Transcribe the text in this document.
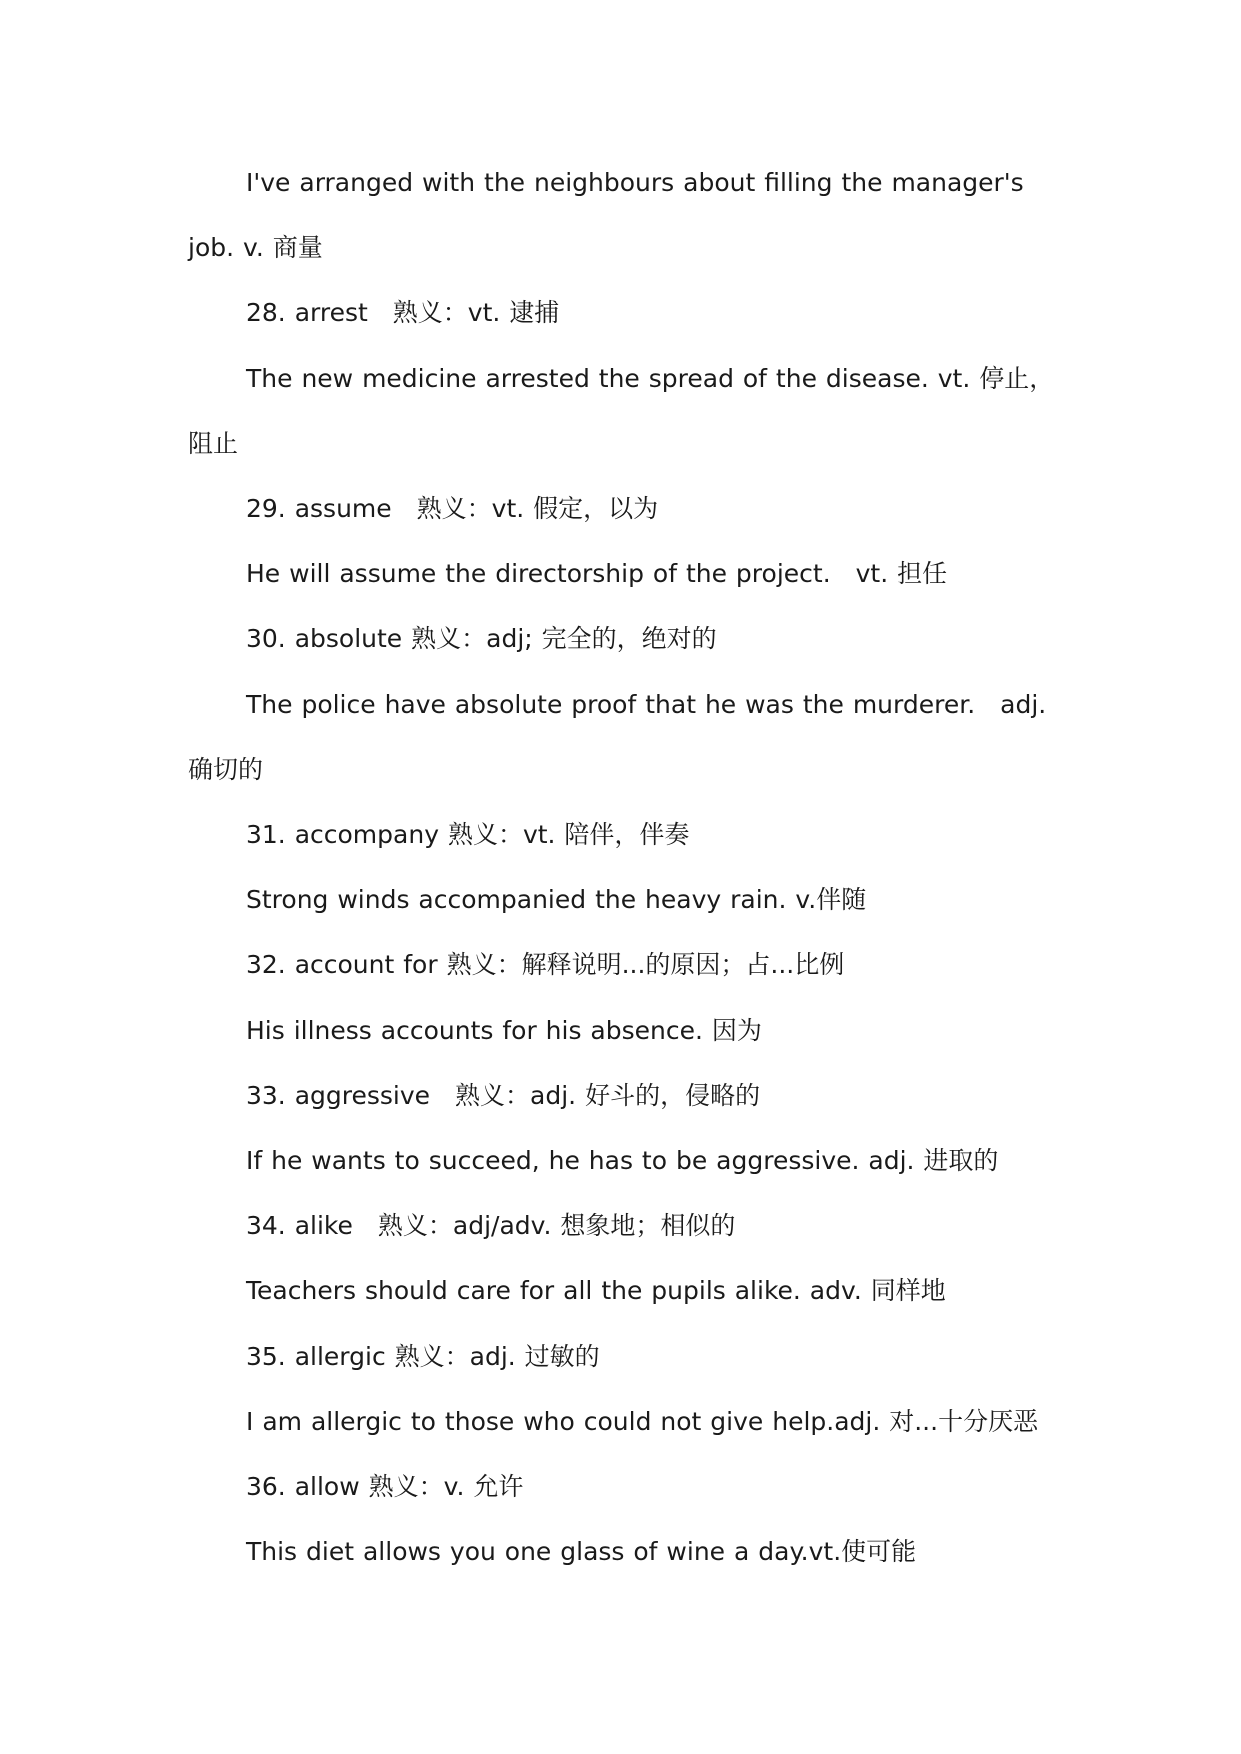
I've arranged with the neighbours about filling the manager's job. v. 商量

28. arrest　熟义：vt. 逮捕

The new medicine arrested the spread of the disease. vt. 停止，阻止

29. assume　熟义：vt. 假定，以为

He will assume the directorship of the project.　vt. 担任

30. absolute 熟义：adj; 完全的，绝对的

The police have absolute proof that he was the murderer.　adj. 确切的

31. accompany 熟义：vt. 陪伴，伴奏

Strong winds accompanied the heavy rain. v.伴随

32. account for 熟义：解释说明...的原因；占...比例

His illness accounts for his absence. 因为

33. aggressive　熟义：adj. 好斗的，侵略的

If he wants to succeed, he has to be aggressive. adj. 进取的

34. alike　熟义：adj/adv. 想象地；相似的

Teachers should care for all the pupils alike. adv. 同样地

35. allergic 熟义：adj. 过敏的

I am allergic to those who could not give help.adj. 对...十分厌恶

36. allow 熟义：v. 允许

This diet allows you one glass of wine a day.vt.使可能
